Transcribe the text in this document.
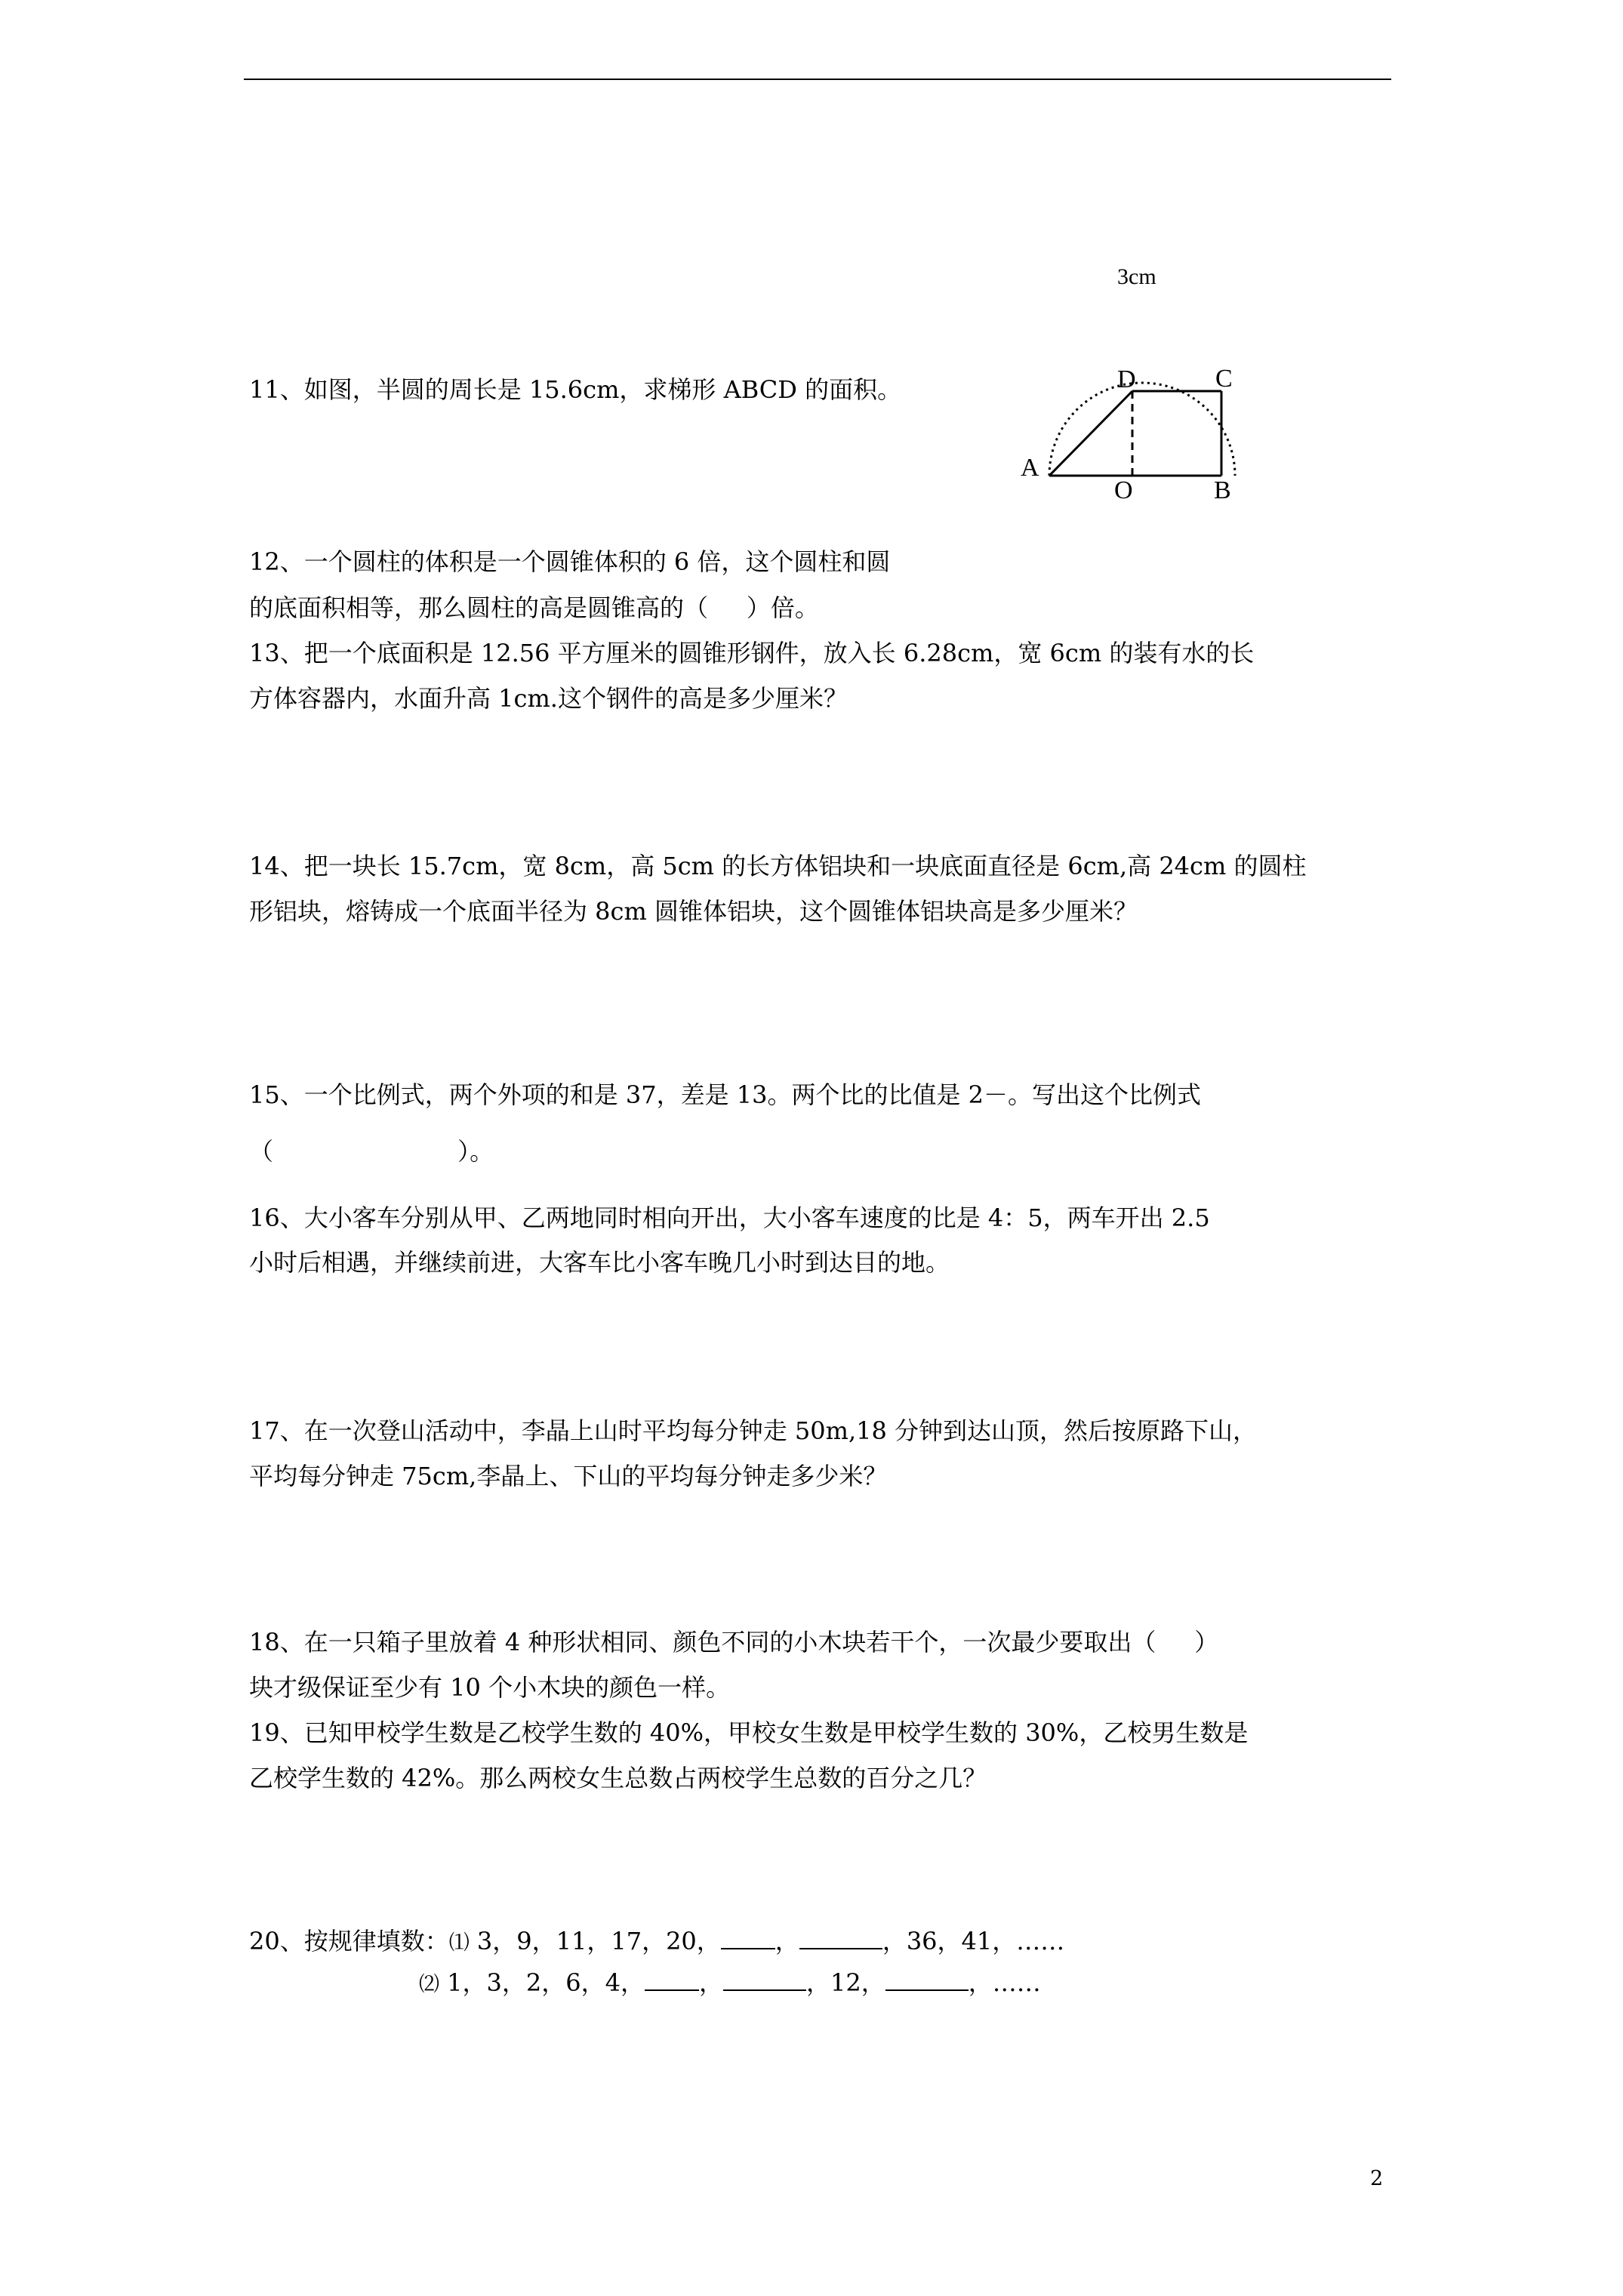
3cm
A
D	C
O	B
11、如图，半圆的周长是 15.6cm，求梯形 ABCD 的面积。
12、一个圆柱的体积是一个圆锥体积的 6 倍，这个圆柱和圆
的底面积相等，那么圆柱的高是圆锥高的（     ）倍。
13、把一个底面积是 12.56 平方厘米的圆锥形钢件，放入长 6.28cm，宽 6cm 的装有水的长
方体容器内，水面升高 1cm.这个钢件的高是多少厘米？
14、把一块长 15.7cm，宽 8cm，高 5cm 的长方体铝块和一块底面直径是 6cm,高 24cm 的圆柱
形铝块，熔铸成一个底面半径为 8cm 圆锥体铝块，这个圆锥体铝块高是多少厘米？
15、一个比例式，两个外项的和是 37，差是 13。两个比的比值是 2－。写出这个比例式
（                        ）。
16、大小客车分别从甲、乙两地同时相向开出，大小客车速度的比是 4：5，两车开出 2.5
小时后相遇，并继续前进，大客车比小客车晚几小时到达目的地。
17、在一次登山活动中，李晶上山时平均每分钟走 50m,18 分钟到达山顶，然后按原路下山，
平均每分钟走 75cm,李晶上、下山的平均每分钟走多少米？
18、在一只箱子里放着 4 种形状相同、颜色不同的小木块若干个，一次最少要取出（     ）
块才级保证至少有 10 个小木块的颜色一样。
19、已知甲校学生数是乙校学生数的 40%，甲校女生数是甲校学生数的 30%，乙校男生数是
乙校学生数的 42%。那么两校女生总数占两校学生总数的百分之几？
20、按规律填数：⑴ 3，9，11，17，20， ，	，36，41，……
⑵ 1，3，2，6，4， ，	，12，	，……
2
